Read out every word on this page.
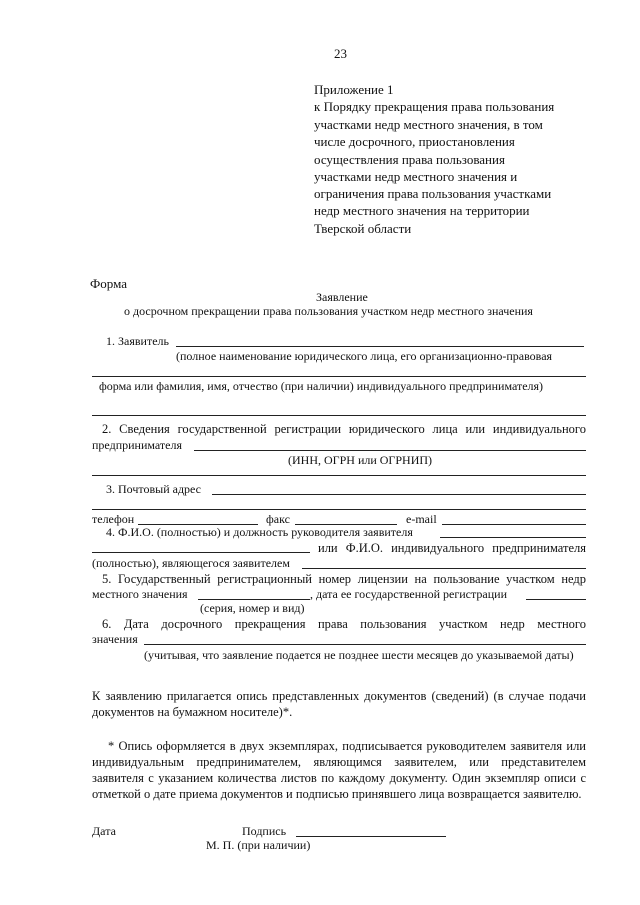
23
Приложение 1
к Порядку прекращения права пользования
участками недр местного значения, в том
числе досрочного, приостановления
осуществления права пользования
участками недр местного значения и
ограничения права пользования участками
недр местного значения на территории
Тверской области
Форма
Заявление
о досрочном прекращении права пользования участком недр местного значения
1. Заявитель
(полное наименование юридического лица, его организационно-правовая
форма или фамилия, имя, отчество (при наличии) индивидуального предпринимателя)
2. Сведения государственной регистрации юридического лица или индивидуального
предпринимателя
(ИНН, ОГРН или ОГРНИП)
3. Почтовый адрес
телефон	факс	e-mail
4. Ф.И.О. (полностью) и должность руководителя заявителя
или Ф.И.О. индивидуального предпринимателя
(полностью), являющегося заявителем
5. Государственный регистрационный номер лицензии на пользование участком недр
местного значения	, дата ее государственной регистрации
(серия, номер и вид)
6. Дата досрочного прекращения права пользования участком недр местного
значения
(учитывая, что заявление подается не позднее шести месяцев до указываемой даты)
К заявлению прилагается опись представленных документов (сведений) (в случае подачи документов на бумажном носителе)*.
* Опись оформляется в двух экземплярах, подписывается руководителем заявителя или индивидуальным предпринимателем, являющимся заявителем, или представителем заявителя с указанием количества листов по каждому документу. Один экземпляр описи с отметкой о дате приема документов и подписью принявшего лица возвращается заявителю.
Дата	Подпись
М. П. (при наличии)
